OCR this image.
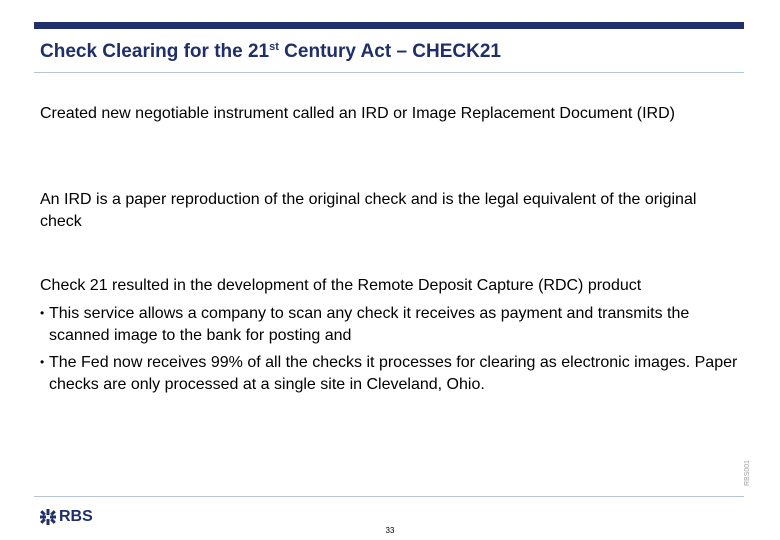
Check Clearing for the 21st Century Act – CHECK21

Created new negotiable instrument called an IRD or Image Replacement Document (IRD)

An IRD is a paper reproduction of the original check and is the legal equivalent of the original check

Check 21 resulted in the development of the Remote Deposit Capture (RDC) product

• This service allows a company to scan any check it receives as payment and transmits the scanned image to the bank for posting and
• The Fed now receives 99% of all the checks it processes for clearing as electronic images. Paper checks are only processed at a single site in Cleveland, Ohio.
RBS001
RBS
33
